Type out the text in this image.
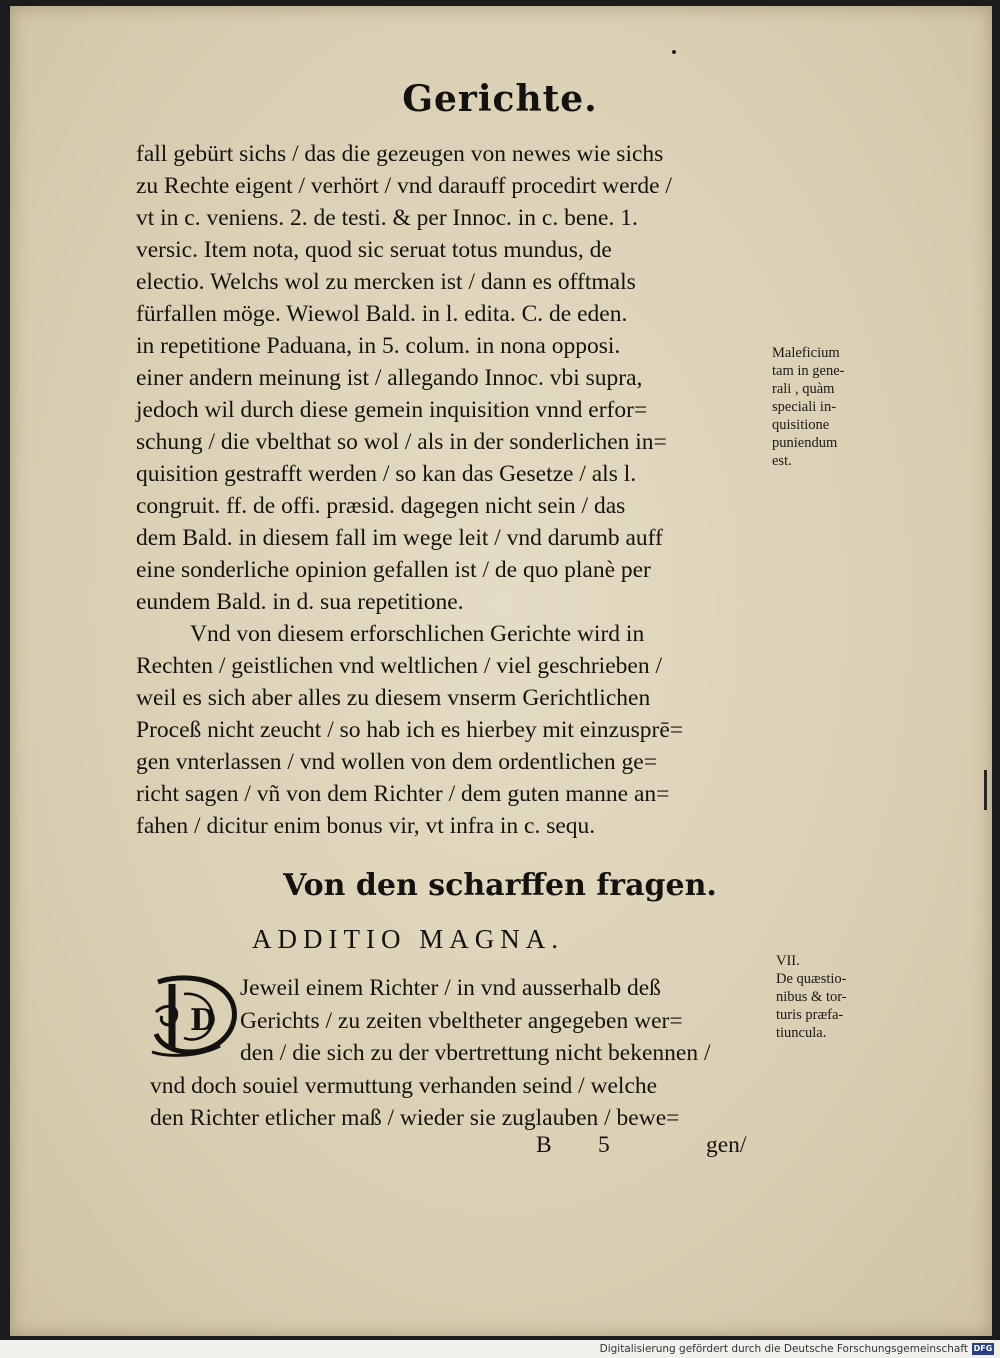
Gerichte.
fall gebürt sichs / das die gezeugen von newes wie sichs
zu Rechte eigent / verhört / vnd darauff procedirt werde /
vt in c. veniens. 2. de testi. & per Innoc. in c. bene. 1.
versic. Item nota, quod sic seruat totus mundus, de
electio. Welchs wol zu mercken ist / dann es offtmals
fürfallen möge. Wiewol Bald. in l. edita. C. de eden.
in repetitione Paduana, in 5. colum. in nona opposi.
einer andern meinung ist / allegando Innoc. vbi supra,
jedoch wil durch diese gemein inquisition vnnd erfor=
schung / die vbelthat so wol / als in der sonderlichen in=
quisition gestrafft werden / so kan das Gesetze / als l.
congruit. ff. de offi. præsid. dagegen nicht sein / das
dem Bald. in diesem fall im wege leit / vnd darumb auff
eine sonderliche opinion gefallen ist / de quo planè per
eundem Bald. in d. sua repetitione.
Vnd von diesem erforschlichen Gerichte wird in
Rechten / geistlichen vnd weltlichen / viel geschrieben /
weil es sich aber alles zu diesem vnserm Gerichtlichen
Proceß nicht zeucht / so hab ich es hierbey mit einzusprē=
gen vnterlassen / vnd wollen von dem ordentlichen ge=
richt sagen / vñ von dem Richter / dem guten manne an=
fahen / dicitur enim bonus vir, vt infra in c. sequ.
Maleficium
tam in gene-
rali , quàm
speciali in-
quisitione
puniendum
est.
Von den scharffen fragen.
ADDITIO MAGNA.
VII.
De quæstio-
nibus & tor-
turis præfa-
tiuncula.
D
Jeweil einem Richter / in vnd ausserhalb deß
Gerichts / zu zeiten vbeltheter angegeben wer=
den / die sich zu der vbertrettung nicht bekennen /
vnd doch souiel vermuttung verhanden seind / welche
den Richter etlicher maß / wieder sie zuglauben / bewe=
B 5	gen/
Digitalisierung gefördert durch die Deutsche Forschungsgemeinschaft DFG
